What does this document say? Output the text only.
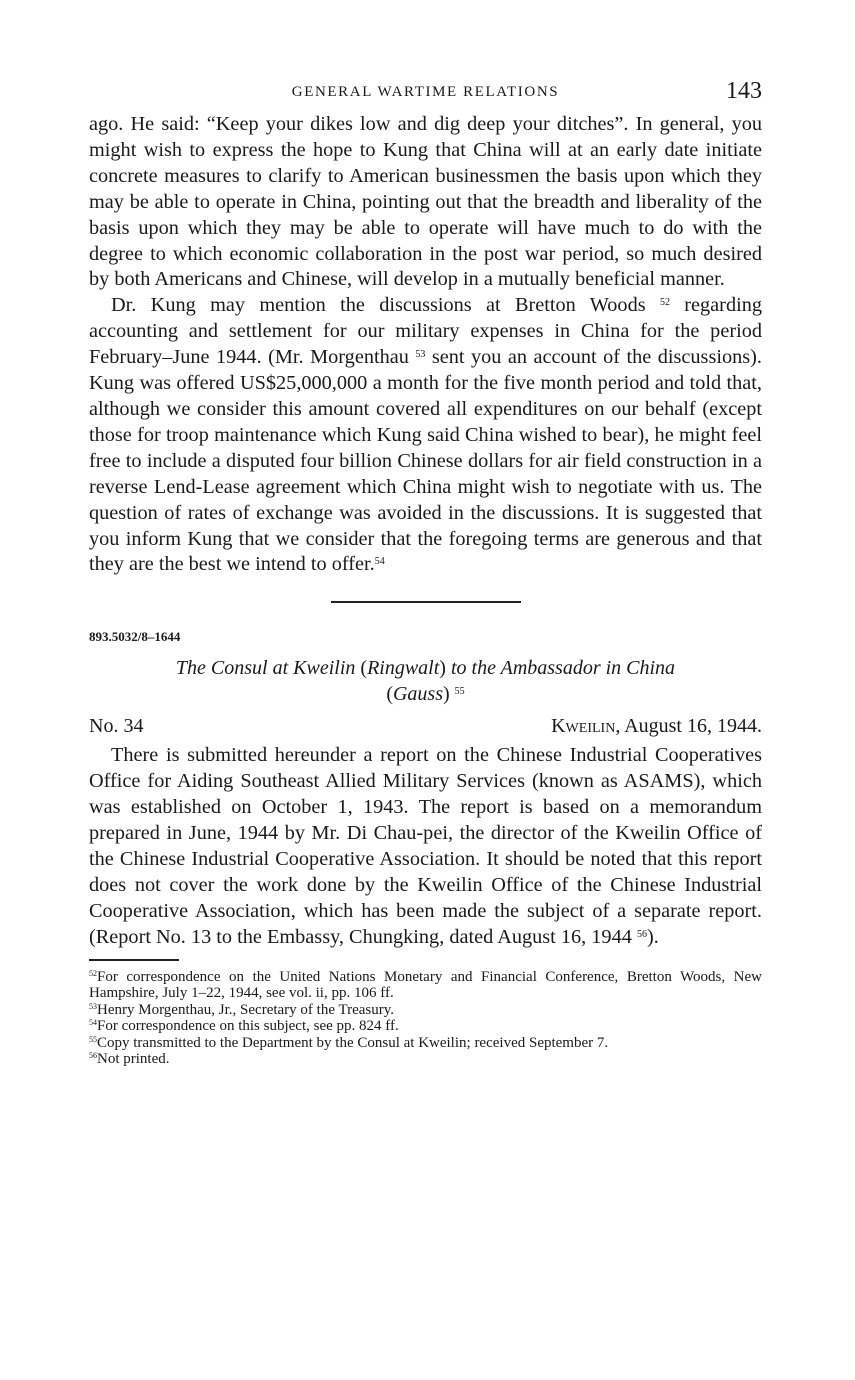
GENERAL WARTIME RELATIONS	143

ago. He said: “Keep your dikes low and dig deep your ditches”. In general, you might wish to express the hope to Kung that China will at an early date initiate concrete measures to clarify to American businessmen the basis upon which they may be able to operate in China, pointing out that the breadth and liberality of the basis upon which they may be able to operate will have much to do with the degree to which economic collaboration in the post war period, so much desired by both Americans and Chinese, will develop in a mutually beneficial manner.

Dr. Kung may mention the discussions at Bretton Woods $^{52}$ regarding accounting and settlement for our military expenses in China for the period February–June 1944. (Mr. Morgenthau $^{53}$ sent you an account of the discussions). Kung was offered US$25,000,000 a month for the five month period and told that, although we consider this amount covered all expenditures on our behalf (except those for troop maintenance which Kung said China wished to bear), he might feel free to include a disputed four billion Chinese dollars for air field construction in a reverse Lend-Lease agreement which China might wish to negotiate with us. The question of rates of exchange was avoided in the discussions. It is suggested that you inform Kung that we consider that the foregoing terms are generous and that they are the best we intend to offer.$^{54}$

893.5032/8–1644

The Consul at Kweilin (Ringwalt) to the Ambassador in China
(Gauss) $^{55}$

No. 34	Kweilin, August 16, 1944.

There is submitted hereunder a report on the Chinese Industrial Cooperatives Office for Aiding Southeast Allied Military Services (known as ASAMS), which was established on October 1, 1943. The report is based on a memorandum prepared in June, 1944 by Mr. Di Chau-pei, the director of the Kweilin Office of the Chinese Industrial Cooperative Association. It should be noted that this report does not cover the work done by the Kweilin Office of the Chinese Industrial Cooperative Association, which has been made the subject of a separate report. (Report No. 13 to the Embassy, Chungking, dated August 16, 1944 $^{56}$).

$^{52}$For correspondence on the United Nations Monetary and Financial Conference, Bretton Woods, New Hampshire, July 1–22, 1944, see vol. ii, pp. 106 ff.

$^{53}$Henry Morgenthau, Jr., Secretary of the Treasury.

$^{54}$For correspondence on this subject, see pp. 824 ff.

$^{55}$Copy transmitted to the Department by the Consul at Kweilin; received September 7.

$^{56}$Not printed.
